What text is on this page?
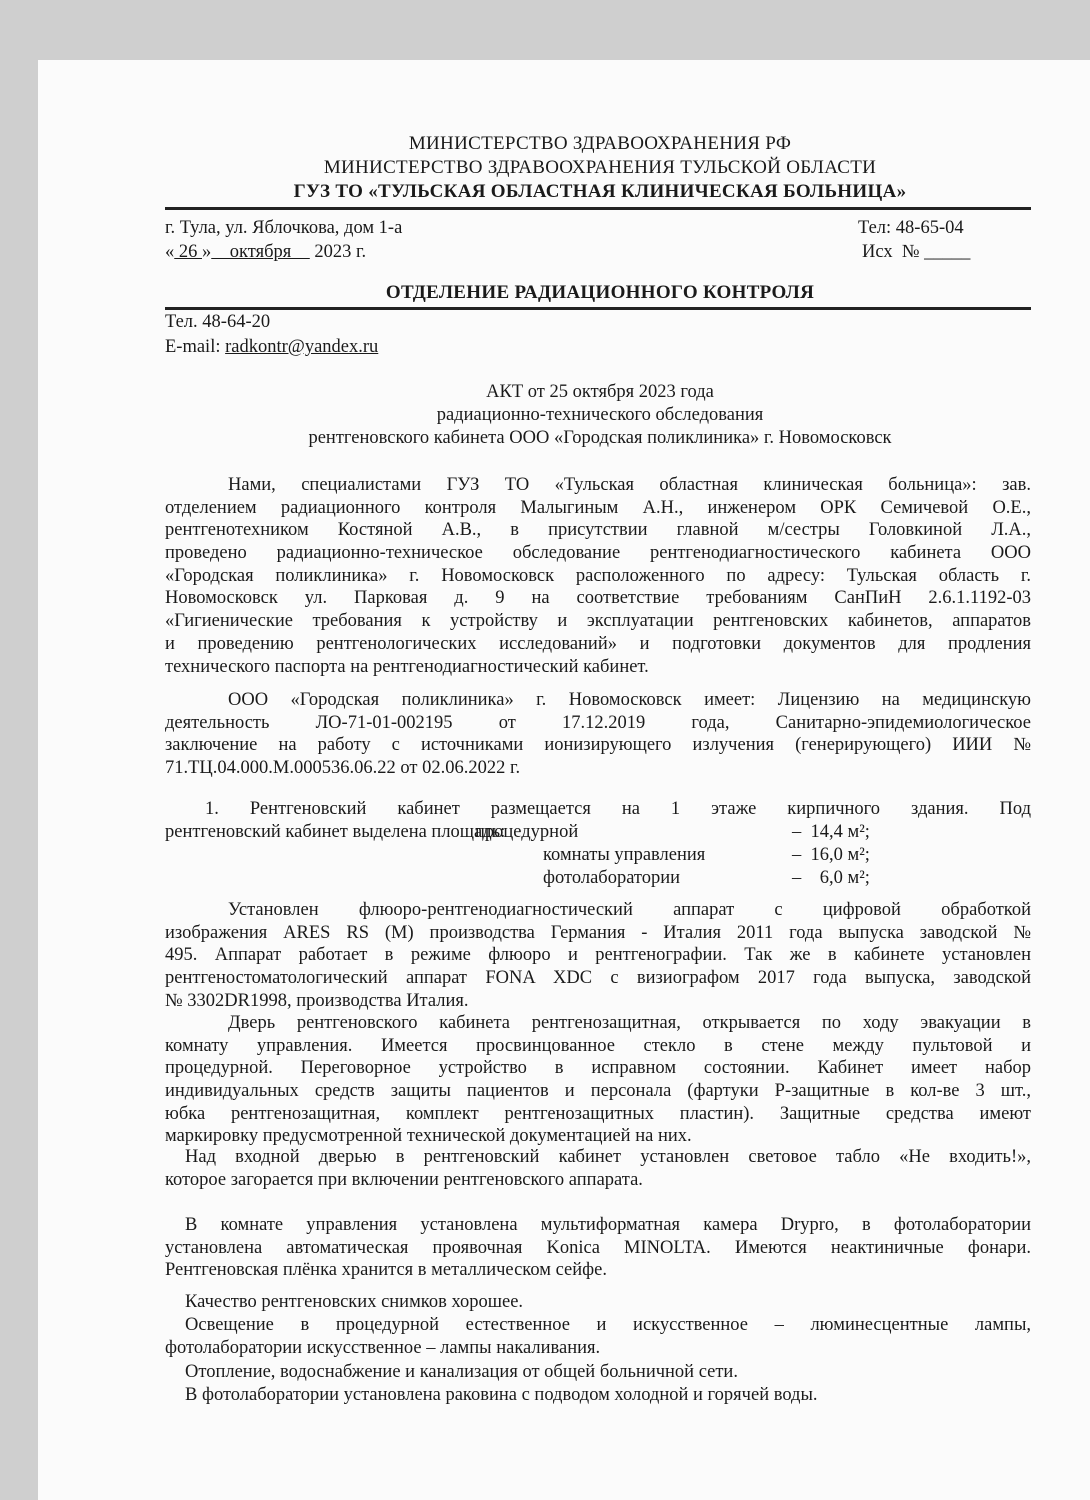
МИНИСТЕРСТВО ЗДРАВООХРАНЕНИЯ РФ
МИНИСТЕРСТВО ЗДРАВООХРАНЕНИЯ ТУЛЬСКОЙ ОБЛАСТИ
ГУЗ ТО «ТУЛЬСКАЯ ОБЛАСТНАЯ КЛИНИЧЕСКАЯ БОЛЬНИЦА»
г. Тула, ул. Яблочкова, дом 1-а	Тел: 48-65-04
« 26 »    октября     2023 г.	Исх  № _____
ОТДЕЛЕНИЕ РАДИАЦИОННОГО КОНТРОЛЯ
Тел. 48-64-20
E-mail: radkontr@yandex.ru
АКТ от 25 октября 2023 года
радиационно-технического обследования
рентгеновского кабинета ООО «Городская поликлиника» г. Новомосковск
Нами, специалистами ГУЗ ТО «Тульская областная клиническая больница»: зав.
отделением радиационного контроля Малыгиным А.Н., инженером ОРК Семичевой О.Е.,
рентгенотехником Костяной А.В., в присутствии главной м/сестры Головкиной Л.А.,
проведено радиационно-техническое обследование рентгенодиагностического кабинета ООО
«Городская поликлиника» г. Новомосковск расположенного по адресу: Тульская область г.
Новомосковск ул. Парковая д. 9 на соответствие требованиям СанПиН 2.6.1.1192-03
«Гигиенические требования к устройству и эксплуатации рентгеновских кабинетов, аппаратов
и проведению рентгенологических исследований» и подготовки документов для продления
технического паспорта на рентгенодиагностический кабинет.
ООО «Городская поликлиника» г. Новомосковск имеет: Лицензию на медицинскую
деятельность ЛО-71-01-002195 от 17.12.2019 года, Санитарно-эпидемиологическое
заключение на работу с источниками ионизирующего излучения (генерирующего) ИИИ №
71.ТЦ.04.000.М.000536.06.22 от 02.06.2022 г.
1. Рентгеновский кабинет размещается на 1 этаже кирпичного здания. Под
Установлен флюоро-рентгенодиагностический аппарат с цифровой обработкой
изображения ARES RS (M) производства Германия - Италия 2011 года выпуска заводской №
495. Аппарат работает в режиме флюоро и рентгенографии. Так же в кабинете установлен
рентгеностоматологический аппарат FONA XDC с визиографом 2017 года выпуска, заводской
№ 3302DR1998, производства Италия.
Дверь рентгеновского кабинета рентгенозащитная, открывается по ходу эвакуации в
комнату управления. Имеется просвинцованное стекло в стене между пультовой и
процедурной. Переговорное устройство в исправном состоянии. Кабинет имеет набор
индивидуальных средств защиты пациентов и персонала (фартуки Р-защитные в кол-ве 3 шт.,
юбка рентгенозащитная, комплект рентгенозащитных пластин). Защитные средства имеют
маркировку предусмотренной технической документацией на них.
Над входной дверью в рентгеновский кабинет установлен световое табло «Не входить!»,
которое загорается при включении рентгеновского аппарата.
В комнате управления установлена мультиформатная камера Drypro, в фотолаборатории
установлена автоматическая проявочная Konica MINOLTA. Имеются неактиничные фонари.
Рентгеновская плёнка хранится в металлическом сейфе.
Качество рентгеновских снимков хорошее.
Освещение в процедурной естественное и искусственное – люминесцентные лампы,
фотолаборатории искусственное – лампы накаливания.
Отопление, водоснабжение и канализация от общей больничной сети.
В фотолаборатории установлена раковина с подводом холодной и горячей воды.
рентгеновский кабинет выделена площадь:
процедурной	–  14,4 м²;
комнаты управления	–  16,0 м²;
фотолаборатории	–    6,0 м²;
